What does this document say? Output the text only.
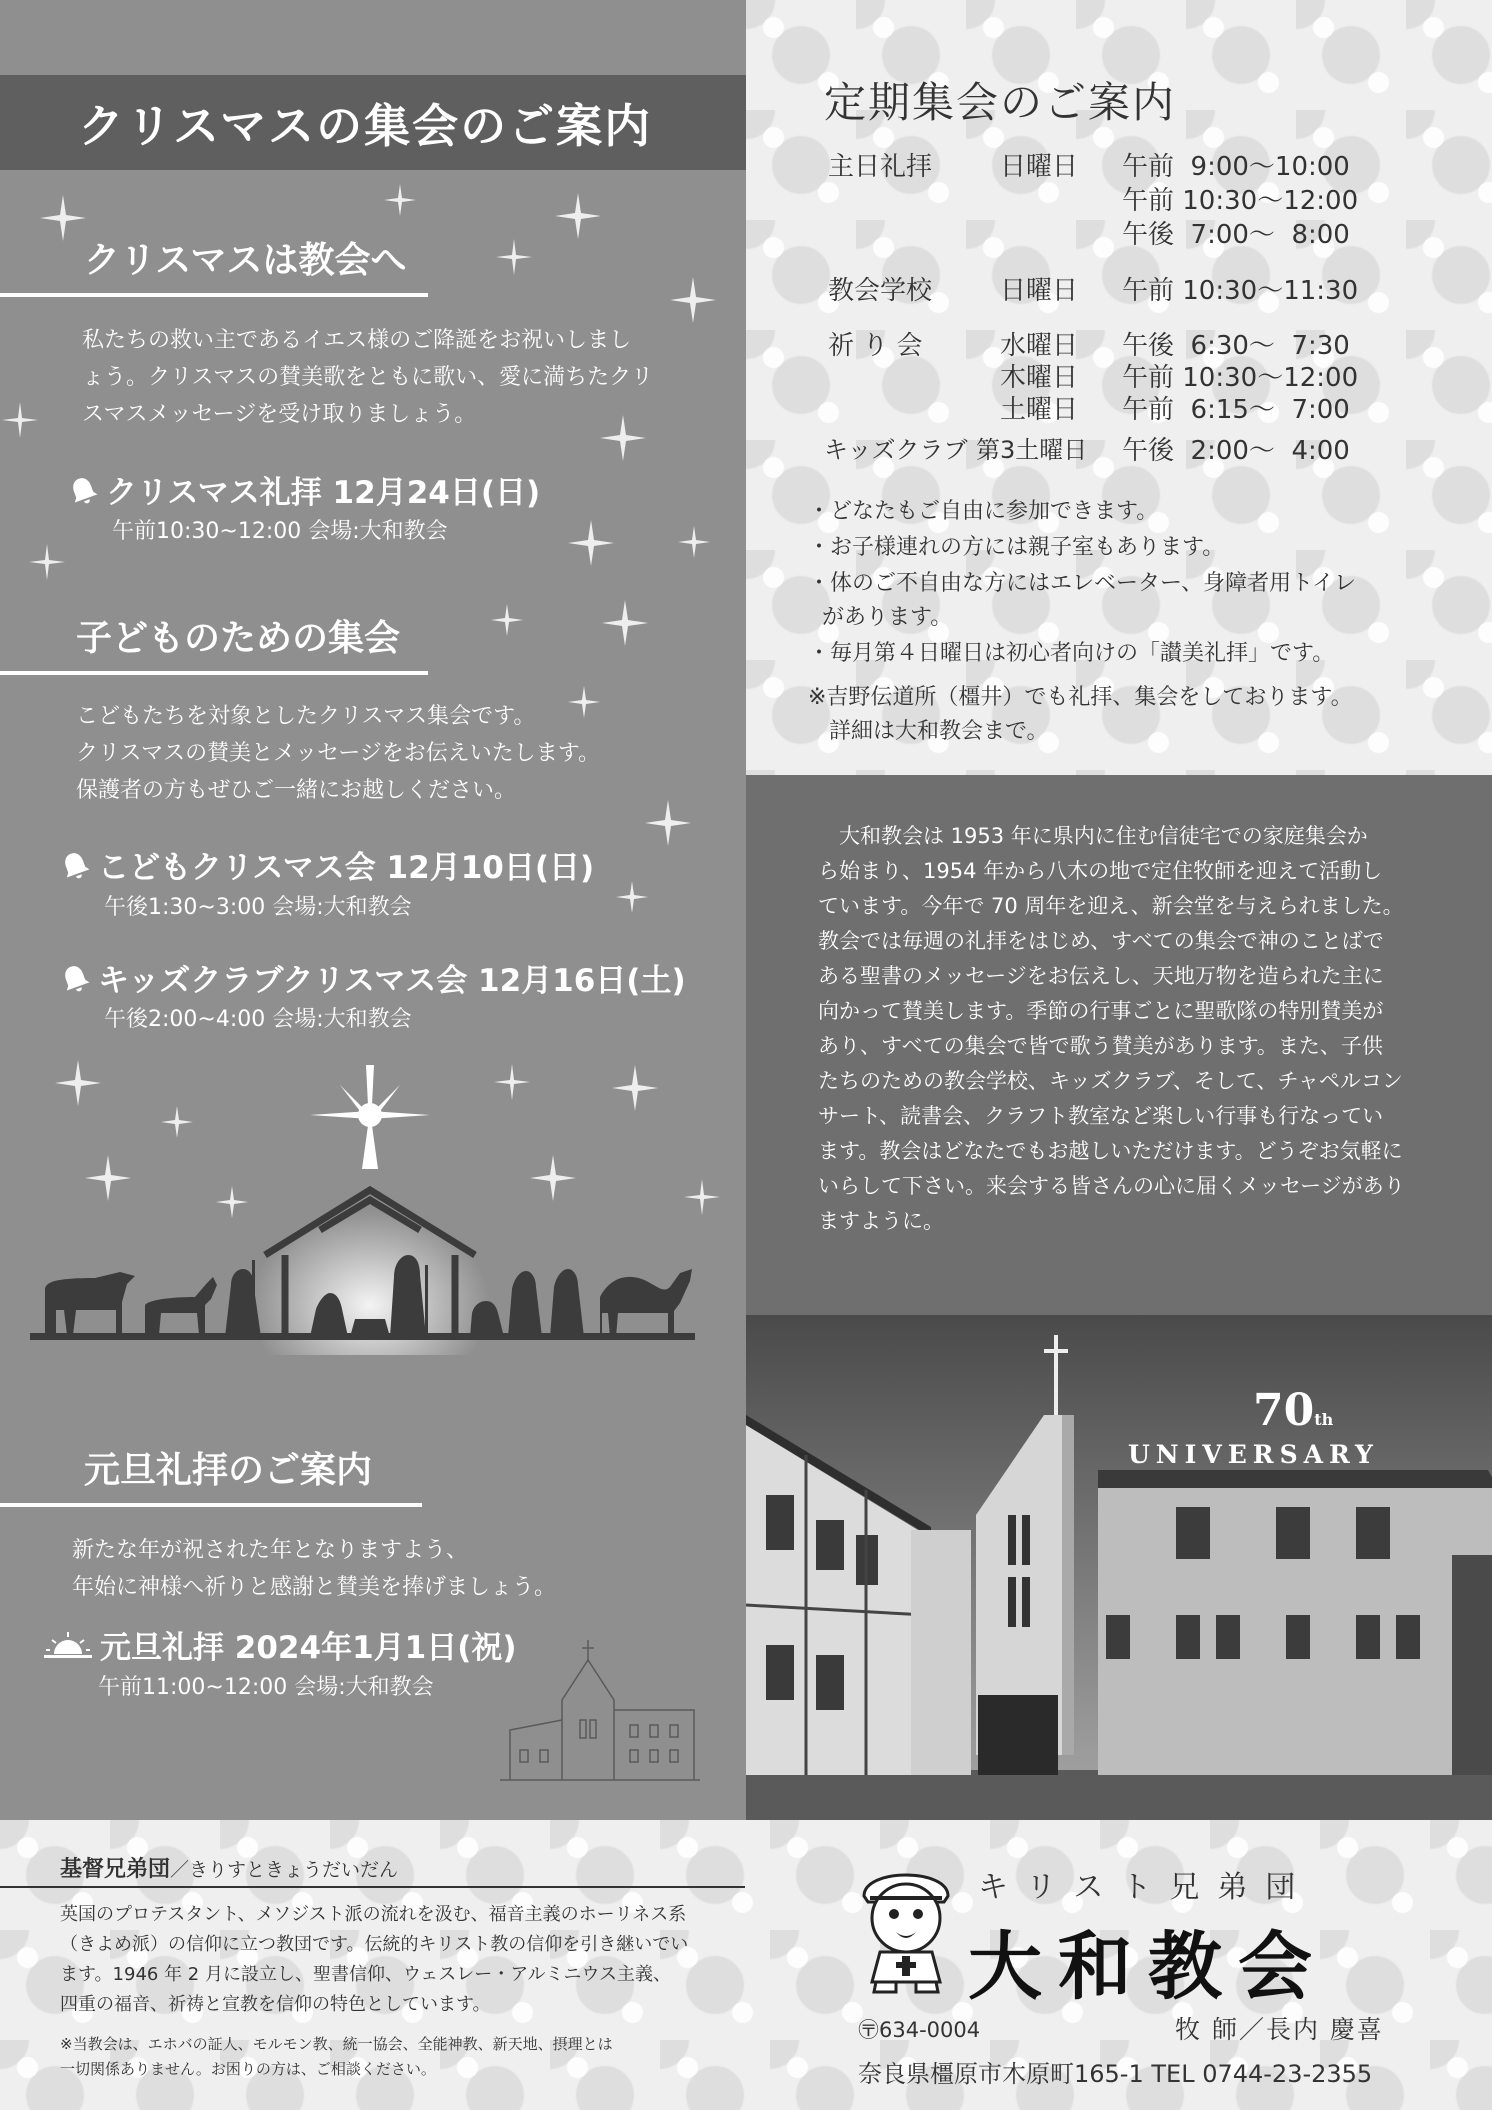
クリスマスの集会のご案内
クリスマスは教会へ
私たちの救い主であるイエス様のご降誕をお祝いしまし
ょう。クリスマスの賛美歌をともに歌い、愛に満ちたクリ
スマスメッセージを受け取りましょう。
クリスマス礼拝 12月24日(日)
午前10:30~12:00 会場:大和教会
子どものための集会
こどもたちを対象としたクリスマス集会です。
クリスマスの賛美とメッセージをお伝えいたします。
保護者の方もぜひご一緒にお越しください。
こどもクリスマス会 12月10日(日)
午後1:30~3:00 会場:大和教会
キッズクラブクリスマス会 12月16日(土)
午後2:00~4:00 会場:大和教会
元旦礼拝のご案内
新たな年が祝された年となりますよう、
年始に神様へ祈りと感謝と賛美を捧げましょう。
元旦礼拝 2024年1月1日(祝)
午前11:00~12:00 会場:大和教会
定期集会のご案内
主日礼拝	日曜日 午前  9:00～10:00
午前 10:30～12:00
午後  7:00～  8:00
教会学校	日曜日 午前 10:30～11:30
祈 り 会	水曜日 午後  6:30～  7:30
木曜日 午前 10:30～12:00
土曜日 午前  6:15～  7:00
キッズクラブ 第3土曜日 午後  2:00～  4:00
・どなたもご自由に参加できます。
・お子様連れの方には親子室もあります。
・体のご不自由な方にはエレベーター、身障者用トイレ
があります。
・毎月第４日曜日は初心者向けの「讃美礼拝」です。
※吉野伝道所（橿井）でも礼拝、集会をしております。
詳細は大和教会まで。
　大和教会は 1953 年に県内に住む信徒宅での家庭集会か
ら始まり、1954 年から八木の地で定住牧師を迎えて活動し
ています。今年で 70 周年を迎え、新会堂を与えられました。
教会では毎週の礼拝をはじめ、すべての集会で神のことばで
ある聖書のメッセージをお伝えし、天地万物を造られた主に
向かって賛美します。季節の行事ごとに聖歌隊の特別賛美が
あり、すべての集会で皆で歌う賛美があります。また、子供
たちのための教会学校、キッズクラブ、そして、チャペルコン
サート、読書会、クラフト教室など楽しい行事も行なってい
ます。教会はどなたでもお越しいただけます。どうぞお気軽に
いらして下さい。来会する皆さんの心に届くメッセージがあり
ますように。
70th
UNIVERSARY
基督兄弟団／きりすときょうだいだん
英国のプロテスタント、メソジスト派の流れを汲む、福音主義のホーリネス系
（きよめ派）の信仰に立つ教団です。伝統的キリスト教の信仰を引き継いでい
ます。1946 年 2 月に設立し、聖書信仰、ウェスレー・アルミニウス主義、
四重の福音、祈祷と宣教を信仰の特色としています。
※当教会は、エホバの証人、モルモン教、統一協会、全能神教、新天地、摂理とは
一切関係ありません。お困りの方は、ご相談ください。
キリスト兄弟団
大和教会
〶634-0004	牧 師／長内 慶喜
奈良県橿原市木原町165-1 TEL 0744-23-2355
